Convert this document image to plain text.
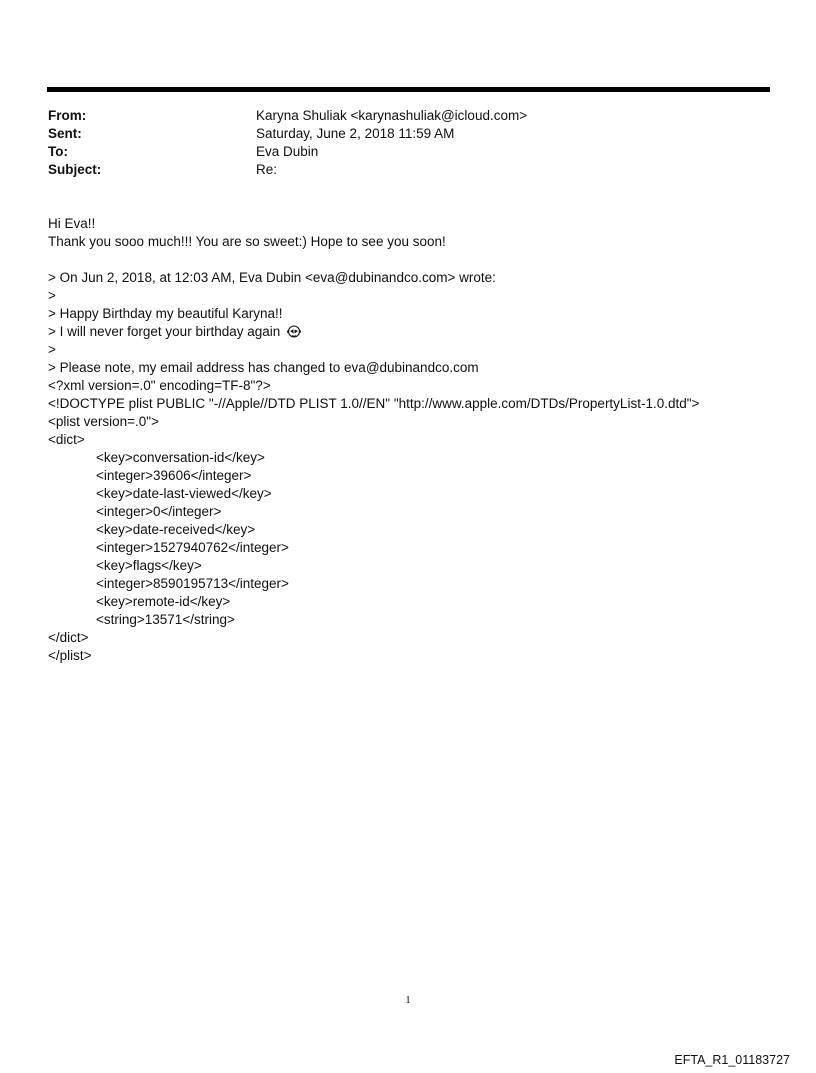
From:	Karyna Shuliak <karynashuliak@icloud.com>
Sent:	Saturday, June 2, 2018 11:59 AM
To:	Eva Dubin
Subject:	Re:
Hi Eva!!
Thank you sooo much!!! You are so sweet:) Hope to see you soon!
> On Jun 2, 2018, at 12:03 AM, Eva Dubin <eva@dubinandco.com> wrote:
>
> Happy Birthday my beautiful Karyna!!
> I will never forget your birthday again
>
> Please note, my email address has changed to eva@dubinandco.com
<?xml version=.0" encoding=TF-8"?>
<!DOCTYPE plist PUBLIC "-//Apple//DTD PLIST 1.0//EN" "http://www.apple.com/DTDs/PropertyList-1.0.dtd">
<plist version=.0">
<dict>
<key>conversation-id</key>
<integer>39606</integer>
<key>date-last-viewed</key>
<integer>0</integer>
<key>date-received</key>
<integer>1527940762</integer>
<key>flags</key>
<integer>8590195713</integer>
<key>remote-id</key>
<string>13571</string>
</dict>
</plist>
1
EFTA_R1_01183727
